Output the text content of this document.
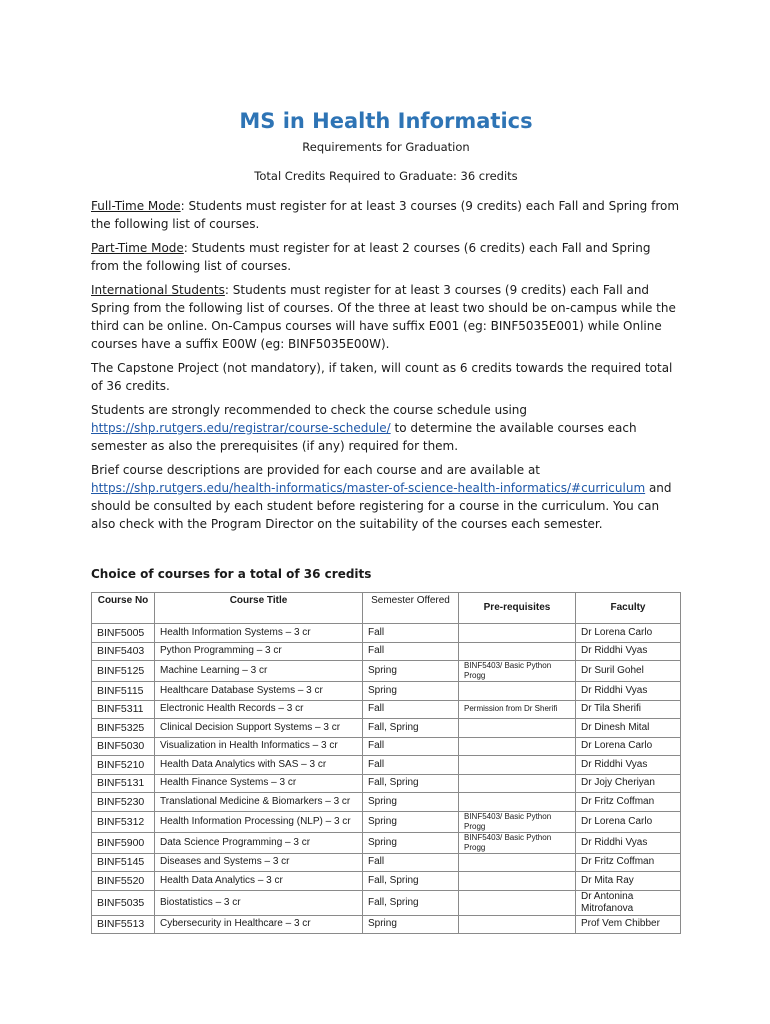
MS in Health Informatics
Requirements for Graduation
Total Credits Required to Graduate: 36 credits

Full-Time Mode: Students must register for at least 3 courses (9 credits) each Fall and Spring from the following list of courses.

Part-Time Mode: Students must register for at least 2 courses (6 credits) each Fall and Spring from the following list of courses.

International Students: Students must register for at least 3 courses (9 credits) each Fall and Spring from the following list of courses. Of the three at least two should be on-campus while the third can be online. On-Campus courses will have suffix E001 (eg: BINF5035E001) while Online courses have a suffix E00W (eg: BINF5035E00W).

The Capstone Project (not mandatory), if taken, will count as 6 credits towards the required total of 36 credits.

Students are strongly recommended to check the course schedule using https://shp.rutgers.edu/registrar/course-schedule/ to determine the available courses each semester as also the prerequisites (if any) required for them.

Brief course descriptions are provided for each course and are available at https://shp.rutgers.edu/health-informatics/master-of-science-health-informatics/#curriculum and should be consulted by each student before registering for a course in the curriculum. You can also check with the Program Director on the suitability of the courses each semester.

Choice of courses for a total of 36 credits
Course No	Course Title	Semester Offered	Pre-requisites	Faculty
BINF5005	Health Information Systems – 3 cr	Fall		Dr Lorena Carlo
BINF5403	Python Programming – 3 cr	Fall		Dr Riddhi Vyas
BINF5125	Machine Learning – 3 cr	Spring	BINF5403/ Basic Python Progg	Dr Suril Gohel
BINF5115	Healthcare Database Systems – 3 cr	Spring		Dr Riddhi Vyas
BINF5311	Electronic Health Records – 3 cr	Fall	Permission from Dr Sherifi	Dr Tila Sherifi
BINF5325	Clinical Decision Support Systems – 3 cr	Fall, Spring		Dr Dinesh Mital
BINF5030	Visualization in Health Informatics – 3 cr	Fall		Dr Lorena Carlo
BINF5210	Health Data Analytics with SAS – 3 cr	Fall		Dr Riddhi Vyas
BINF5131	Health Finance Systems – 3 cr	Fall, Spring		Dr Jojy Cheriyan
BINF5230	Translational Medicine & Biomarkers – 3 cr	Spring		Dr Fritz Coffman
BINF5312	Health Information Processing (NLP) – 3 cr	Spring	BINF5403/ Basic Python Progg	Dr Lorena Carlo
BINF5900	Data Science Programming – 3 cr	Spring	BINF5403/ Basic Python Progg	Dr Riddhi Vyas
BINF5145	Diseases and Systems – 3 cr	Fall		Dr Fritz Coffman
BINF5520	Health Data Analytics – 3 cr	Fall, Spring		Dr Mita Ray
BINF5035	Biostatistics – 3 cr	Fall, Spring		Dr Antonina Mitrofanova
BINF5513	Cybersecurity in Healthcare – 3 cr	Spring		Prof Vem Chibber
